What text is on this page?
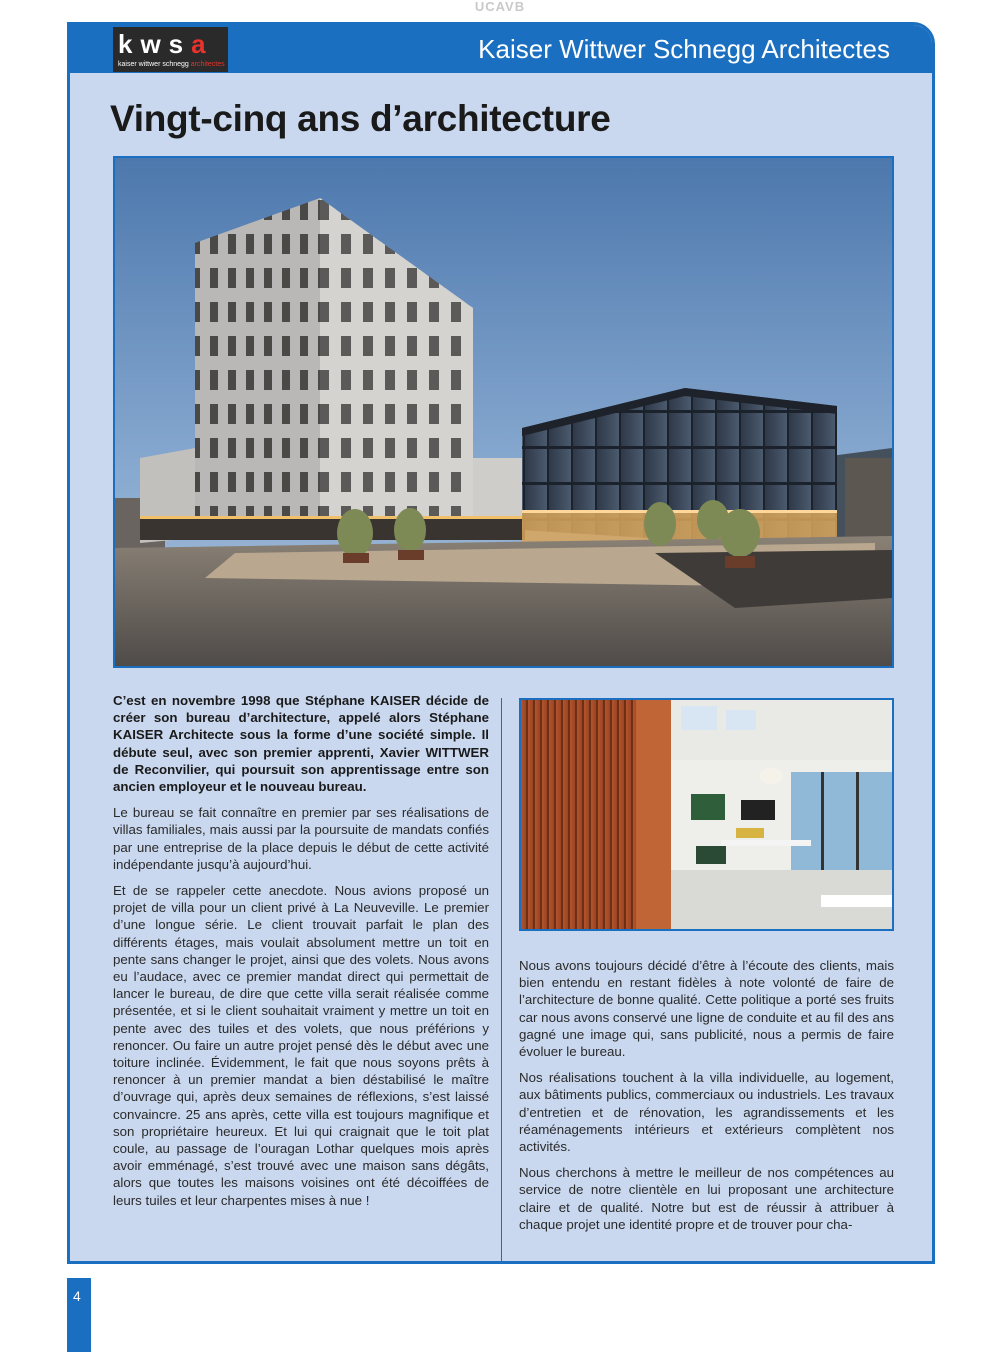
UCAVB
kwsa
kaiser wittwer schnegg architectes
Kaiser Wittwer Schnegg Architectes
Vingt-cinq ans d’architecture

C’est en novembre 1998 que Stéphane KAISER décide de créer son bureau d’architecture, appelé alors Stéphane KAISER Architecte sous la forme d’une société simple. Il débute seul, avec son premier apprenti, Xavier WITTWER de Reconvilier, qui poursuit son apprentissage entre son ancien employeur et le nouveau bureau.

Le bureau se fait connaître en premier par ses réalisations de villas familiales, mais aussi par la poursuite de mandats confiés par une entreprise de la place depuis le début de cette activité indépendante jusqu’à aujourd’hui.

Et de se rappeler cette anecdote. Nous avions proposé un projet de villa pour un client privé à La Neuveville. Le premier d’une longue série. Le client trouvait parfait le plan des différents étages, mais voulait absolument mettre un toit en pente sans changer le projet, ainsi que des volets. Nous avons eu l’audace, avec ce premier mandat direct qui permettait de lancer le bureau, de dire que cette villa serait réalisée comme présentée, et si le client souhaitait vraiment y mettre un toit en pente avec des tuiles et des volets, que nous préférions y renoncer. Ou faire un autre projet pensé dès le début avec une toiture inclinée. Évidemment, le fait que nous soyons prêts à renoncer à un premier mandat a bien déstabilisé le maître d’ouvrage qui, après deux semaines de réflexions, s’est laissé convaincre. 25 ans après, cette villa est toujours magnifique et son propriétaire heureux. Et lui qui craignait que le toit plat coule, au passage de l’ouragan Lothar quelques mois après avoir emménagé, s’est trouvé avec une maison sans dégâts, alors que toutes les maisons voisines ont été décoiffées de leurs tuiles et leur charpentes mises à nue !

Nous avons toujours décidé d’être à l’écoute des clients, mais bien entendu en restant fidèles à note volonté de faire de l’architecture de bonne qualité. Cette politique a porté ses fruits car nous avons conservé une ligne de conduite et au fil des ans gagné une image qui, sans publicité, nous a permis de faire évoluer le bureau.

Nos réalisations touchent à la villa individuelle, au logement, aux bâtiments publics, commerciaux ou industriels. Les travaux d’entretien et de rénovation, les agrandissements et les réaménagements intérieurs et extérieurs complètent nos activités.

Nous cherchons à mettre le meilleur de nos compétences au service de notre clientèle en lui proposant une architecture claire et de qualité. Notre but est de réussir à attribuer à chaque projet une identité propre et de trouver pour cha-

4
